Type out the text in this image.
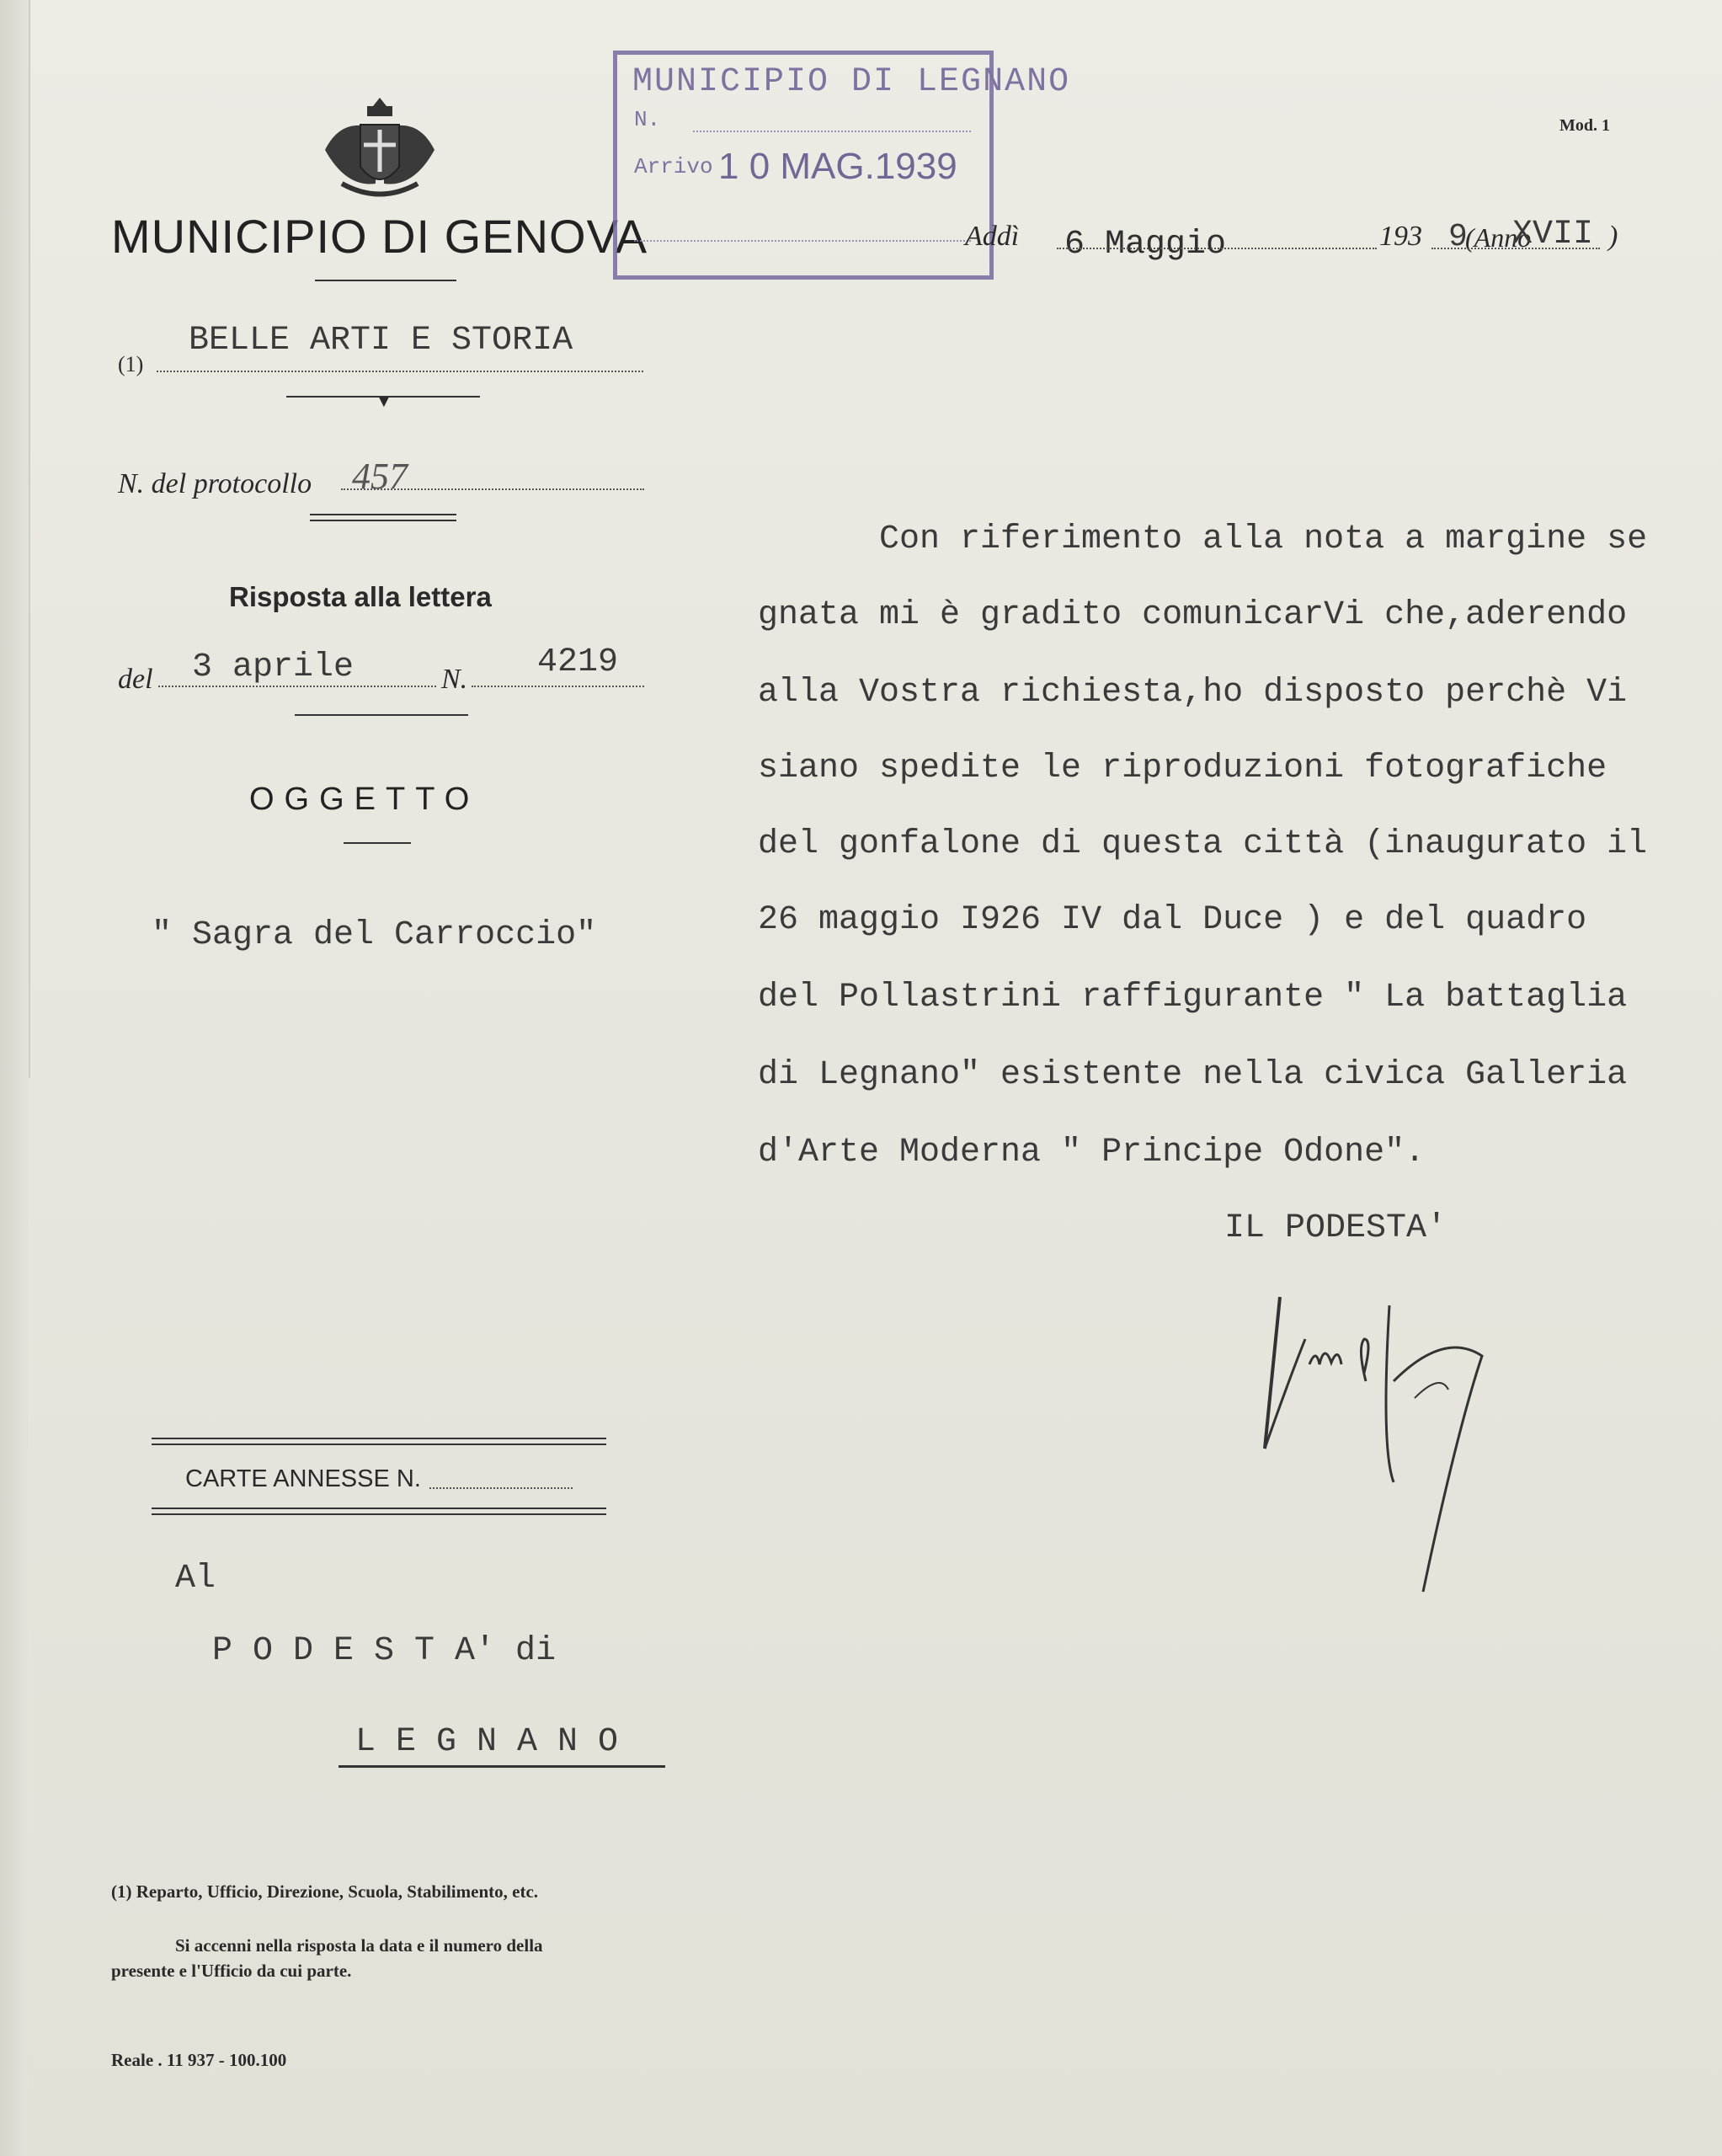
Mod. 1
MUNICIPIO DI GENOVA
MUNICIPIO DI LEGNANO
N.
Arrivo 1 0 MAG.1939
Addì 6 Maggio	193 9
(Anno
XVII )
(1)
BELLE ARTI E STORIA
▼
N. del protocollo 457
Risposta alla lettera
del 3 aprile	N. 4219
OGGETTO
" Sagra del Carroccio"
CARTE ANNESSE N.
Con riferimento alla nota a margine se
gnata mi è gradito comunicarVi che,aderendo
alla Vostra richiesta,ho disposto perchè Vi
siano spedite le riproduzioni fotografiche
del gonfalone di questa città (inaugurato il
26 maggio I926 IV dal Duce ) e del quadro
del Pollastrini raffigurante " La battaglia
di Legnano" esistente nella civica Galleria
d'Arte Moderna " Principe Odone".
IL PODESTA'
Al
P O D E S T A' di
L E G N A N O
(1) Reparto, Ufficio, Direzione, Scuola, Stabilimento, etc.
Si accenni nella risposta la data e il numero della
presente e l'Ufficio da cui parte.
Reale . 11 937 - 100.100
